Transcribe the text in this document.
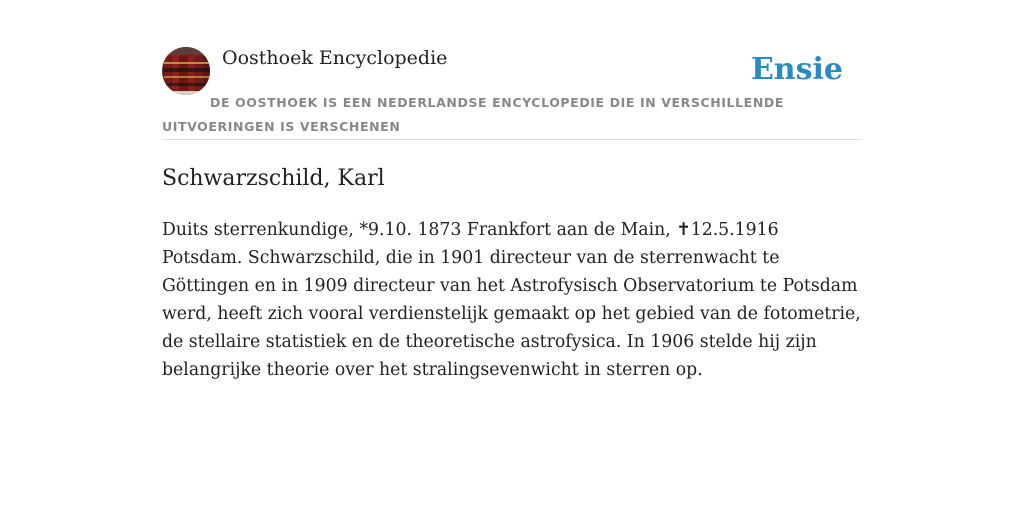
Oosthoek Encyclopedie	Ensie
DE OOSTHOEK IS EEN NEDERLANDSE ENCYCLOPEDIE DIE IN VERSCHILLENDE UITVOERINGEN IS VERSCHENEN
Schwarzschild, Karl

Duits sterrenkundige, *9.10. 1873 Frankfort aan de Main, ✝12.5.1916 Potsdam. Schwarzschild, die in 1901 directeur van de sterrenwacht te Göttingen en in 1909 directeur van het Astrofysisch Observatorium te Potsdam werd, heeft zich vooral verdienstelijk gemaakt op het gebied van de fotometrie, de stellaire statistiek en de theoretische astrofysica. In 1906 stelde hij zijn belangrijke theorie over het stralingsevenwicht in sterren op.
